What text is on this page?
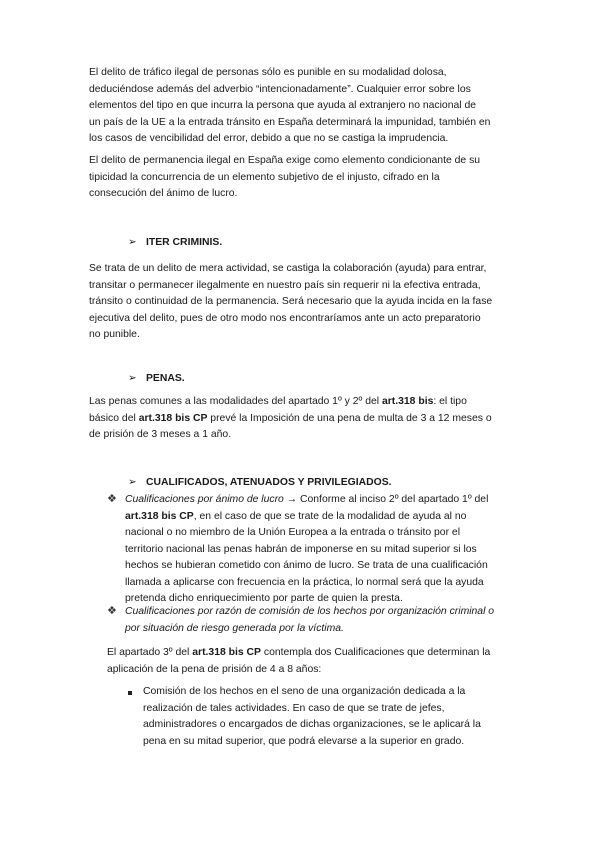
El delito de tráfico ilegal de personas sólo es punible en su modalidad dolosa,
deduciéndose además del adverbio “intencionadamente”. Cualquier error sobre los
elementos del tipo en que incurra la persona que ayuda al extranjero no nacional de
un país de la UE a la entrada tránsito en España determinará la impunidad, también en
los casos de vencibilidad del error, debido a que no se castiga la imprudencia.
El delito de permanencia ilegal en España exige como elemento condicionante de su
tipicidad la concurrencia de un elemento subjetivo de el injusto, cifrado en la
consecución del ánimo de lucro.
➢ ITER CRIMINIS.
Se trata de un delito de mera actividad, se castiga la colaboración (ayuda) para entrar,
transitar o permanecer ilegalmente en nuestro país sin requerir ni la efectiva entrada,
tránsito o continuidad de la permanencia. Será necesario que la ayuda incida en la fase
ejecutiva del delito, pues de otro modo nos encontraríamos ante un acto preparatorio
no punible.
➢ PENAS.
Las penas comunes a las modalidades del apartado 1º y 2º del art.318 bis: el tipo
básico del art.318 bis CP prevé la Imposición de una pena de multa de 3 a 12 meses o
de prisión de 3 meses a 1 año.
➢ CUALIFICADOS, ATENUADOS Y PRIVILEGIADOS.
❖ Cualificaciones por ánimo de lucro → Conforme al inciso 2º del apartado 1º del
art.318 bis CP, en el caso de que se trate de la modalidad de ayuda al no
nacional o no miembro de la Unión Europea a la entrada o tránsito por el
territorio nacional las penas habrán de imponerse en su mitad superior si los
hechos se hubieran cometido con ánimo de lucro. Se trata de una cualificación
llamada a aplicarse con frecuencia en la práctica, lo normal será que la ayuda
pretenda dicho enriquecimiento por parte de quien la presta.
❖ Cualificaciones por razón de comisión de los hechos por organización criminal o
por situación de riesgo generada por la víctima.
El apartado 3º del art.318 bis CP contempla dos Cualificaciones que determinan la
aplicación de la pena de prisión de 4 a 8 años:
Comisión de los hechos en el seno de una organización dedicada a la
realización de tales actividades. En caso de que se trate de jefes,
administradores o encargados de dichas organizaciones, se le aplicará la
pena en su mitad superior, que podrá elevarse a la superior en grado.
